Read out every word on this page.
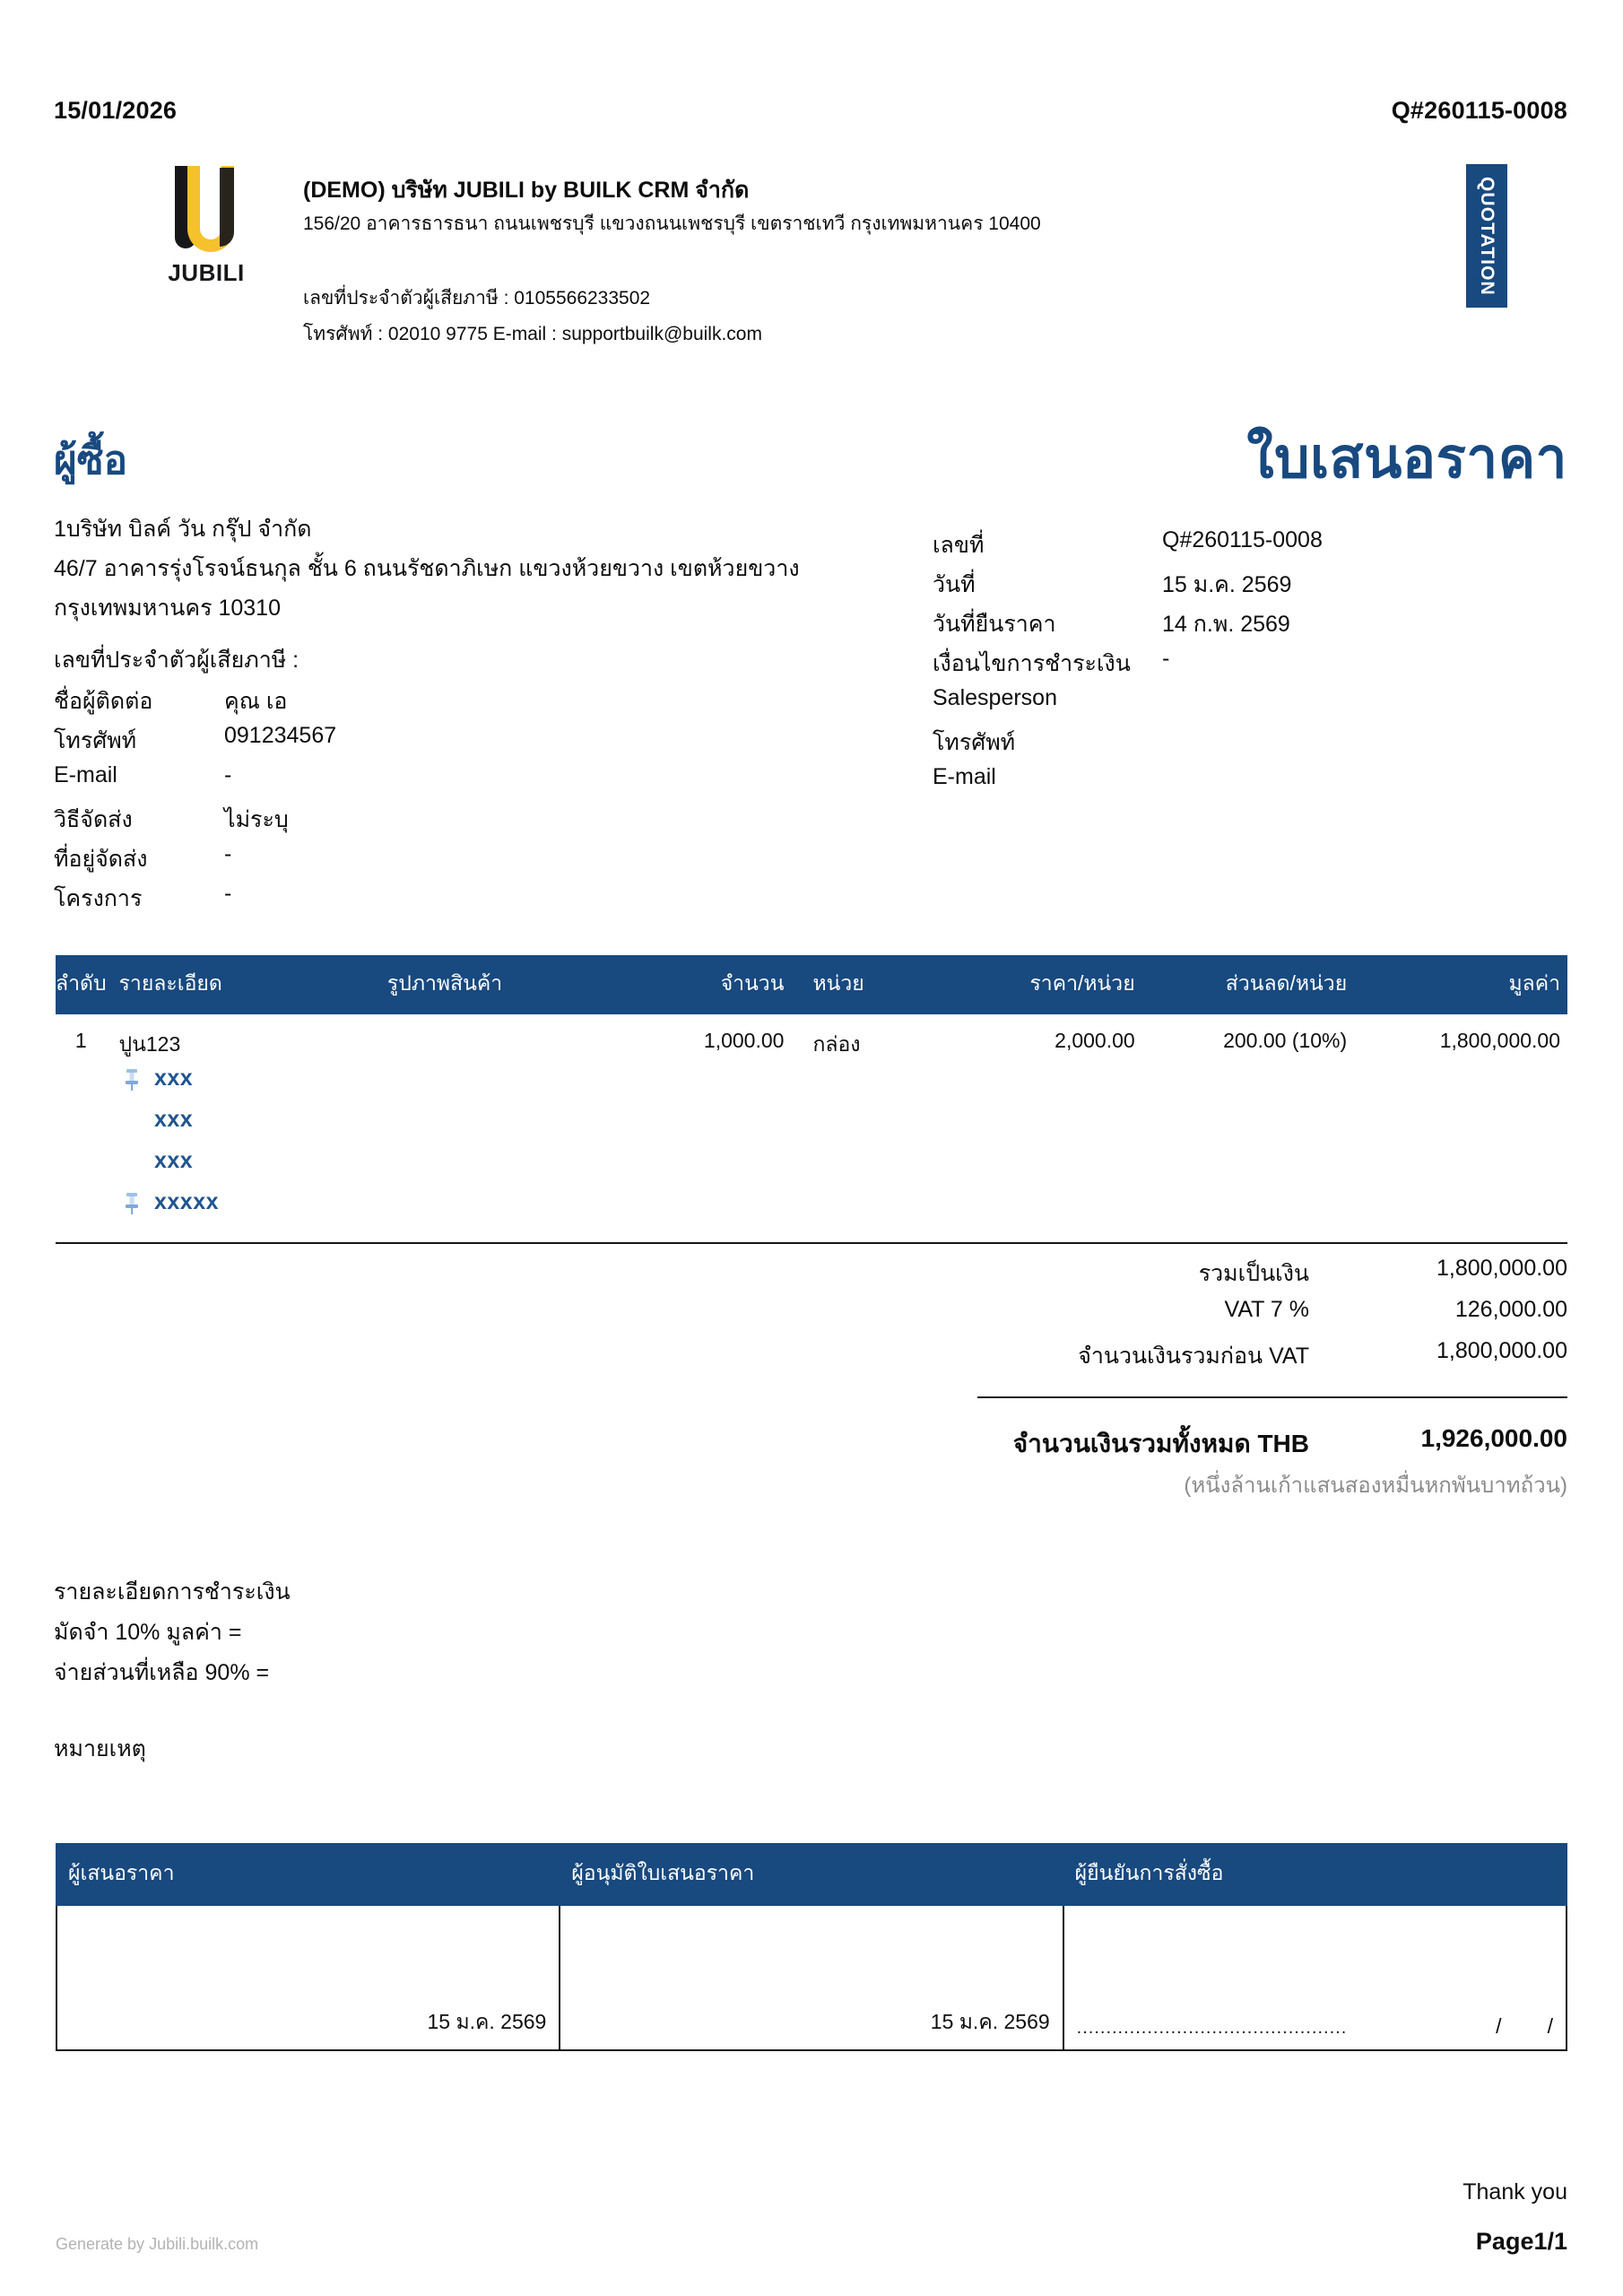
15/01/2026	Q#260115-0008
QUOTATION
JUBILI
(DEMO) บริษัท JUBILI by BUILK CRM จำกัด
156/20 อาคารธารธนา ถนนเพชรบุรี แขวงถนนเพชรบุรี เขตราชเทวี กรุงเทพมหานคร 10400
เลขที่ประจำตัวผู้เสียภาษี : 0105566233502
โทรศัพท์ : 02010 9775 E-mail : supportbuilk@builk.com
ผู้ซื้อ
1บริษัท บิลค์ วัน กรุ๊ป จำกัด
46/7 อาคารรุ่งโรจน์ธนกุล ชั้น 6 ถนนรัชดาภิเษก แขวงห้วยขวาง เขตห้วยขวาง
กรุงเทพมหานคร 10310
เลขที่ประจำตัวผู้เสียภาษี :
ชื่อผู้ติดต่อ	คุณ เอ
โทรศัพท์	091234567
E-mail	-
วิธีจัดส่ง	ไม่ระบุ
ที่อยู่จัดส่ง	-
โครงการ	-
ใบเสนอราคา
เลขที่	Q#260115-0008
วันที่	15 ม.ค. 2569
วันที่ยืนราคา	14 ก.พ. 2569
เงื่อนไขการชำระเงิน	-
Salesperson
โทรศัพท์
E-mail
ลำดับ	รายละเอียด	รูปภาพสินค้า	จำนวน	หน่วย	ราคา/หน่วย	ส่วนลด/หน่วย	มูลค่า
1	ปูน123		1,000.00	กล่อง	2,000.00	200.00 (10%)	1,800,000.00
xxx
xxx
xxx
xxxxx
รวมเป็นเงิน	1,800,000.00
VAT 7 %	126,000.00
จำนวนเงินรวมก่อน VAT	1,800,000.00
จำนวนเงินรวมทั้งหมด THB	1,926,000.00
(หนึ่งล้านเก้าแสนสองหมื่นหกพันบาทถ้วน)
รายละเอียดการชำระเงิน
มัดจำ 10% มูลค่า =
จ่ายส่วนที่เหลือ 90% =
หมายเหตุ
ผู้เสนอราคา	ผู้อนุมัติใบเสนอราคา	ผู้ยืนยันการสั่งซื้อ

15 ม.ค. 2569	15 ม.ค. 2569	.............................................. /        /
Thank you
Page1/1
Generate by Jubili.builk.com
